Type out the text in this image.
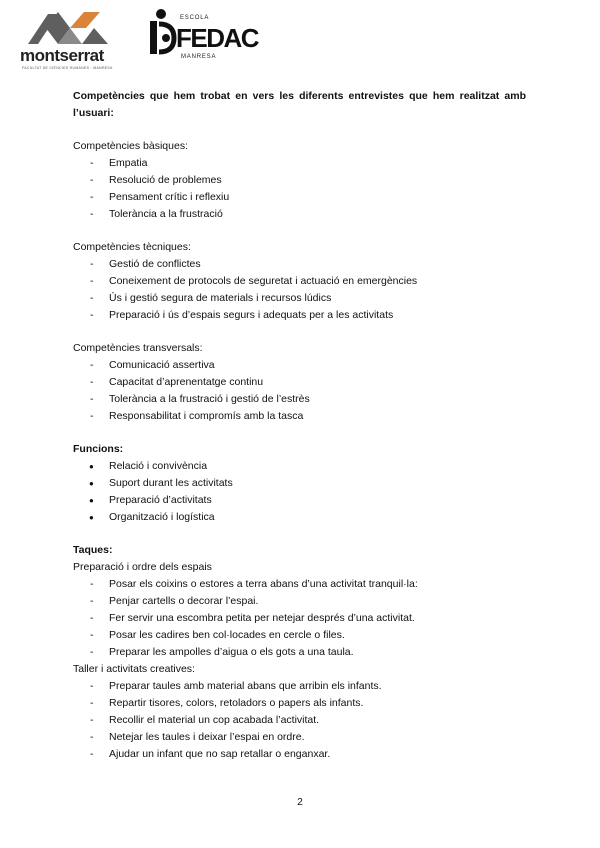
montserrat
FACULTAT DE CIÈNCIES HUMANES · MANRESA
ESCOLA
FEDAC
MANRESA

Competències que hem trobat en vers les diferents entrevistes que hem realitzat amb l’usuari:

Competències bàsiques:
- Empatia
- Resolució de problemes
- Pensament crític i reflexiu
- Tolerància a la frustració
Competències tècniques:
- Gestió de conflictes
- Coneixement de protocols de seguretat i actuació en emergències
- Ús i gestió segura de materials i recursos lúdics
- Preparació i ús d’espais segurs i adequats per a les activitats
Competències transversals:
- Comunicació assertiva
- Capacitat d’aprenentatge continu
- Tolerància a la frustració i gestió de l’estrès
- Responsabilitat i compromís amb la tasca
Funcions:
● Relació i convivència
● Suport durant les activitats
● Preparació d’activitats
● Organització i logística
Taques:
Preparació i ordre dels espais
- Posar els coixins o estores a terra abans d’una activitat tranquil·la:
- Penjar cartells o decorar l’espai.
- Fer servir una escombra petita per netejar després d’una activitat.
- Posar les cadires ben col·locades en cercle o files.
- Preparar les ampolles d’aigua o els gots a una taula.
Taller i activitats creatives:
- Preparar taules amb material abans que arribin els infants.
- Repartir tisores, colors, retoladors o papers als infants.
- Recollir el material un cop acabada l’activitat.
- Netejar les taules i deixar l’espai en ordre.
- Ajudar un infant que no sap retallar o enganxar.
2
